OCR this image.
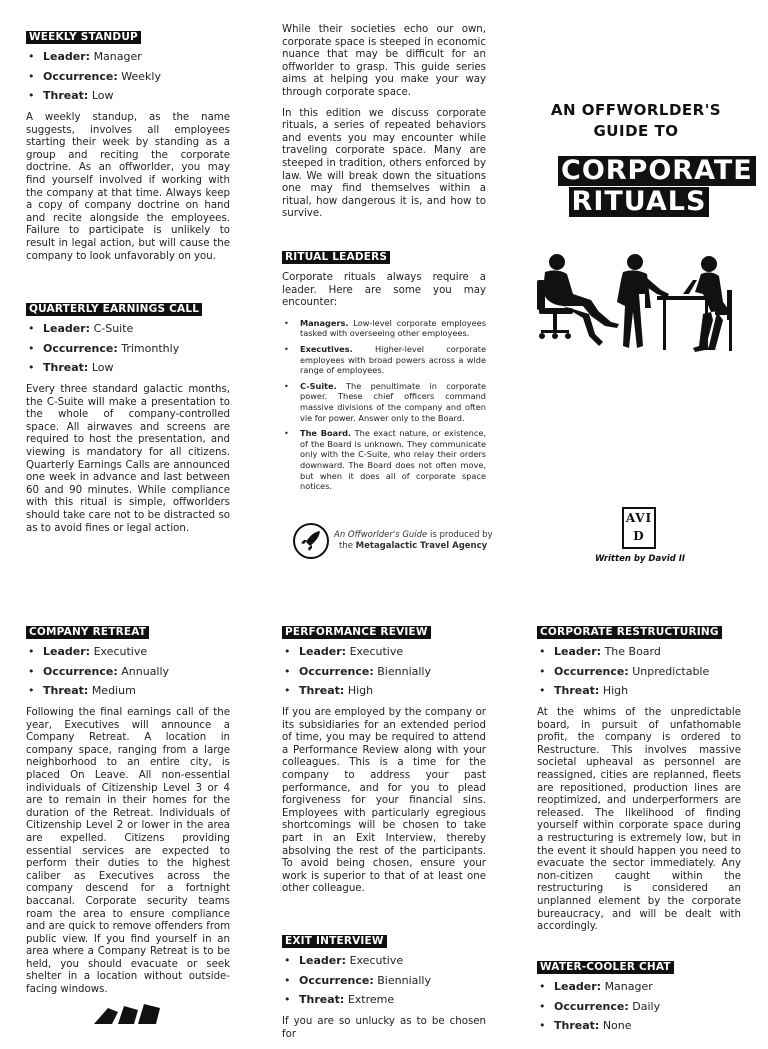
WEEKLY STANDUP
• Leader: Manager
• Occurrence: Weekly
• Threat: Low

A weekly standup, as the name suggests, involves all employees starting their week by standing as a group and reciting the corporate doctrine. As an offworlder, you may find yourself involved if working with the company at that time. Always keep a copy of company doctrine on hand and recite alongside the employees. Failure to participate is unlikely to result in legal action, but will cause the company to look unfavorably on you.

QUARTERLY EARNINGS CALL
• Leader: C-Suite
• Occurrence: Trimonthly
• Threat: Low

Every three standard galactic months, the C-Suite will make a presentation to the whole of company-controlled space. All airwaves and screens are required to host the presentation, and viewing is mandatory for all citizens. Quarterly Earnings Calls are announced one week in advance and last between 60 and 90 minutes. While compliance with this ritual is simple, offworlders should take care not to be distracted so as to avoid fines or legal action.

While their societies echo our own, corporate space is steeped in economic nuance that may be difficult for an offworlder to grasp. This guide series aims at helping you make your way through corporate space.

In this edition we discuss corporate rituals, a series of repeated behaviors and events you may encounter while traveling corporate space. Many are steeped in tradition, others enforced by law. We will break down the situations one may find themselves within a ritual, how dangerous it is, and how to survive.

RITUAL LEADERS

Corporate rituals always require a leader. Here are some you may encounter:

• Managers. Low-level corporate employees tasked with overseeing other employees.
• Executives.	Higher-level corporate employees with broad powers across a wide range of employees.
• C-Suite. The penultimate in corporate power. These chief officers command massive divisions of the company and often vie for power. Answer only to the Board.
• The Board. The exact nature, or existence, of the Board is unknown. They communicate only with the C-Suite, who relay their orders downward. The Board does not often move, but when it does all of corporate space notices.
An Offworlder's Guide is produced by
the Metagalactic Travel Agency
AN OFFWORLDER'S
GUIDE TO
CORPORATE
RITUALS
AVID
Written by David II
COMPANY RETREAT
• Leader: Executive
• Occurrence: Annually
• Threat: Medium

Following the final earnings call of the year, Executives will announce a Company Retreat. A location in company space, ranging from a large neighborhood to an entire city, is placed On Leave. All non-essential individuals of Citizenship Level 3 or 4 are to remain in their homes for the duration of the Retreat. Individuals of Citizenship Level 2 or lower in the area are expelled. Citizens providing essential services are expected to perform their duties to the highest caliber as Executives across the company descend for a fortnight baccanal. Corporate security teams roam the area to ensure compliance and are quick to remove offenders from public view. If you find yourself in an area where a Company Retreat is to be held, you should evacuate or seek shelter in a location without outside-facing windows.

PERFORMANCE REVIEW
• Leader: Executive
• Occurrence: Biennially
• Threat: High

If you are employed by the company or its subsidiaries for an extended period of time, you may be required to attend a Performance Review along with your colleagues. This is a time for the company to address your past performance, and for you to plead forgiveness for your financial sins. Employees with particularly egregious shortcomings will be chosen to take part in an Exit Interview, thereby absolving the rest of the participants. To avoid being chosen, ensure your work is superior to that of at least one other colleague.

EXIT INTERVIEW
• Leader: Executive
• Occurrence: Biennially
• Threat: Extreme

If you are so unlucky as to be chosen for

CORPORATE RESTRUCTURING
• Leader: The Board
• Occurrence: Unpredictable
• Threat: High

At the whims of the unpredictable board, in pursuit of unfathomable profit, the company is ordered to Restructure. This involves massive societal upheaval as personnel are reassigned, cities are replanned, fleets are repositioned, production lines are reoptimized, and underperformers are released. The likelihood of finding yourself within corporate space during a restructuring is extremely low, but in the event it should happen you need to evacuate the sector immediately. Any non-citizen caught within the restructuring is considered an unplanned element by the corporate bureaucracy, and will be dealt with accordingly.

WATER-COOLER CHAT
• Leader: Manager
• Occurrence: Daily
• Threat: None
